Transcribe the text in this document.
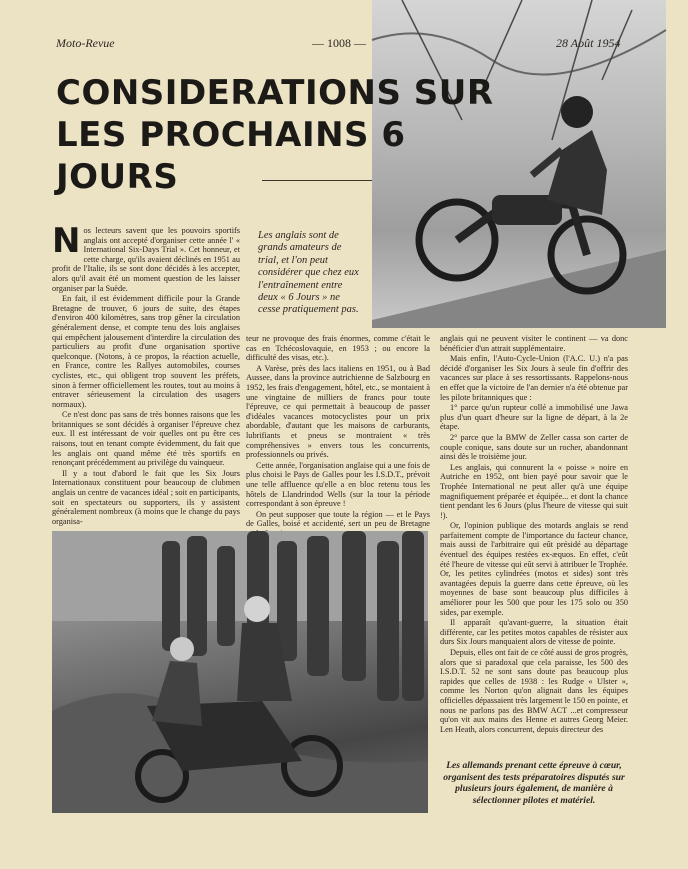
Moto-Revue	— 1008 —	28 Août 1954
CONSIDERATIONS SUR LES PROCHAINS 6 JOURS

Nos lecteurs savent que les pouvoirs sportifs anglais ont accepté d'organiser cette année l' « International Six-Days Trial ». Cet honneur, et cette charge, qu'ils avaient déclinés en 1951 au profit de l'Italie, ils se sont donc décidés à les accepter, alors qu'il avait été un moment question de les laisser organiser par la Suède.

En fait, il est évidemment difficile pour la Grande Bretagne de trouver, 6 jours de suite, des étapes d'environ 400 kilomètres, sans trop gêner la circulation généralement dense, et compte tenu des lois anglaises qui empêchent jalousement d'interdire la circulation des particuliers au profit d'une organisation sportive quelconque. (Notons, à ce propos, la réaction actuelle, en France, contre les Rallyes automobiles, courses cyclistes, etc., qui obligent trop souvent les préfets, sinon à fermer officiellement les routes, tout au moins à entraver sérieusement la circulation des usagers normaux).

Ce n'est donc pas sans de très bonnes raisons que les britanniques se sont décidés à organiser l'épreuve chez eux. Il est intéressant de voir quelles ont pu être ces raisons, tout en tenant compte évidemment, du fait que les anglais ont quand même été très sportifs en renonçant précédemment au privilège du vainqueur.

Il y a tout d'abord le fait que les Six Jours Internationaux constituent pour beaucoup de clubmen anglais un centre de vacances idéal ; soit en participants, soit en spectateurs ou supporters, ils y assistent généralement nombreux (à moins que le change du pays organisa-

Les anglais sont de grands amateurs de trial, et l'on peut considérer que chez eux l'entraînement entre deux « 6 Jours » ne cesse pratiquement pas.

teur ne provoque des frais énormes, comme c'était le cas en Tchécoslovaquie, en 1953 ; ou encore la difficulté des visas, etc.).

A Varèse, près des lacs italiens en 1951, ou à Bad Aussee, dans la province autrichienne de Salzbourg en 1952, les frais d'engagement, hôtel, etc., se montaient à une vingtaine de milliers de francs pour toute l'épreuve, ce qui permettait à beaucoup de passer d'idéales vacances motocyclistes pour un prix abordable, d'autant que les maisons de carburants, lubrifiants et pneus se montraient « très compréhensives » envers tous les concurrents, professionnels ou privés.

Cette année, l'organisation anglaise qui a une fois de plus choisi le Pays de Galles pour les I.S.D.T., prévoit une telle affluence qu'elle a en bloc retenu tous les hôtels de Llandrindod Wells (sur la tour la période correspondant à son épreuve !

On peut supposer que toute la région — et le Pays de Galles, boisé et accidenté, sert un peu de Bretagne

anglais qui ne peuvent visiter le continent — va donc bénéficier d'un attrait supplémentaire.

Mais enfin, l'Auto-Cycle-Union (l'A.C. U.) n'a pas décidé d'organiser les Six Jours à seule fin d'offrir des vacances sur place à ses ressortissants. Rappelons-nous en effet que la victoire de l'an dernier n'a été obtenue par les pilote britanniques que :

1° parce qu'un rupteur collé a immobilisé une Jawa plus d'un quart d'heure sur la ligne de départ, à la 2e étape.

2° parce que la BMW de Zeller cassa son carter de couple conique, sans doute sur un rocher, abandonnant ainsi dès le troisième jour.

Les anglais, qui connurent la « poisse » noire en Autriche en 1952, ont bien payé pour savoir que le Trophée International ne peut aller qu'à une équipe magnifiquement préparée et équipée... et dont la chance tient pendant les 6 Jours (plus l'heure de vitesse qui suit !).

Or, l'opinion publique des motards anglais se rend parfaitement compte de l'importance du facteur chance, mais aussi de l'arbitraire qui eût présidé au départage éventuel des équipes restées ex-æquos. En effet, c'eût été l'heure de vitesse qui eût servi à attribuer le Trophée. Or, les petites cylindrées (motos et sides) sont très avantagées depuis la guerre dans cette épreuve, où les moyennes de base sont beaucoup plus difficiles à améliorer pour les 500 que pour les 175 solo ou 350 sides, par exemple.

Il apparaît qu'avant-guerre, la situation était différente, car les petites motos capables de résister aux durs Six Jours manquaient alors de vitesse de pointe.

Depuis, elles ont fait de ce côté aussi de gros progrès, alors que si paradoxal que cela paraisse, les 500 des I.S.D.T. 52 ne sont sans doute pas beaucoup plus rapides que celles de 1938 : les Rudge « Ulster », comme les Norton qu'on alignait dans les équipes officielles dépassaient très largement le 150 en pointe, et nous ne parlons pas des BMW ACT ...et compresseur qu'on vit aux mains des Henne et autres Georg Meier. Len Heath, alors concurrent, depuis directeur des

Les allemands prenant cette épreuve à cœur, organisent des tests préparatoires disputés sur plusieurs jours également, de manière à sélectionner pilotes et matériel.
